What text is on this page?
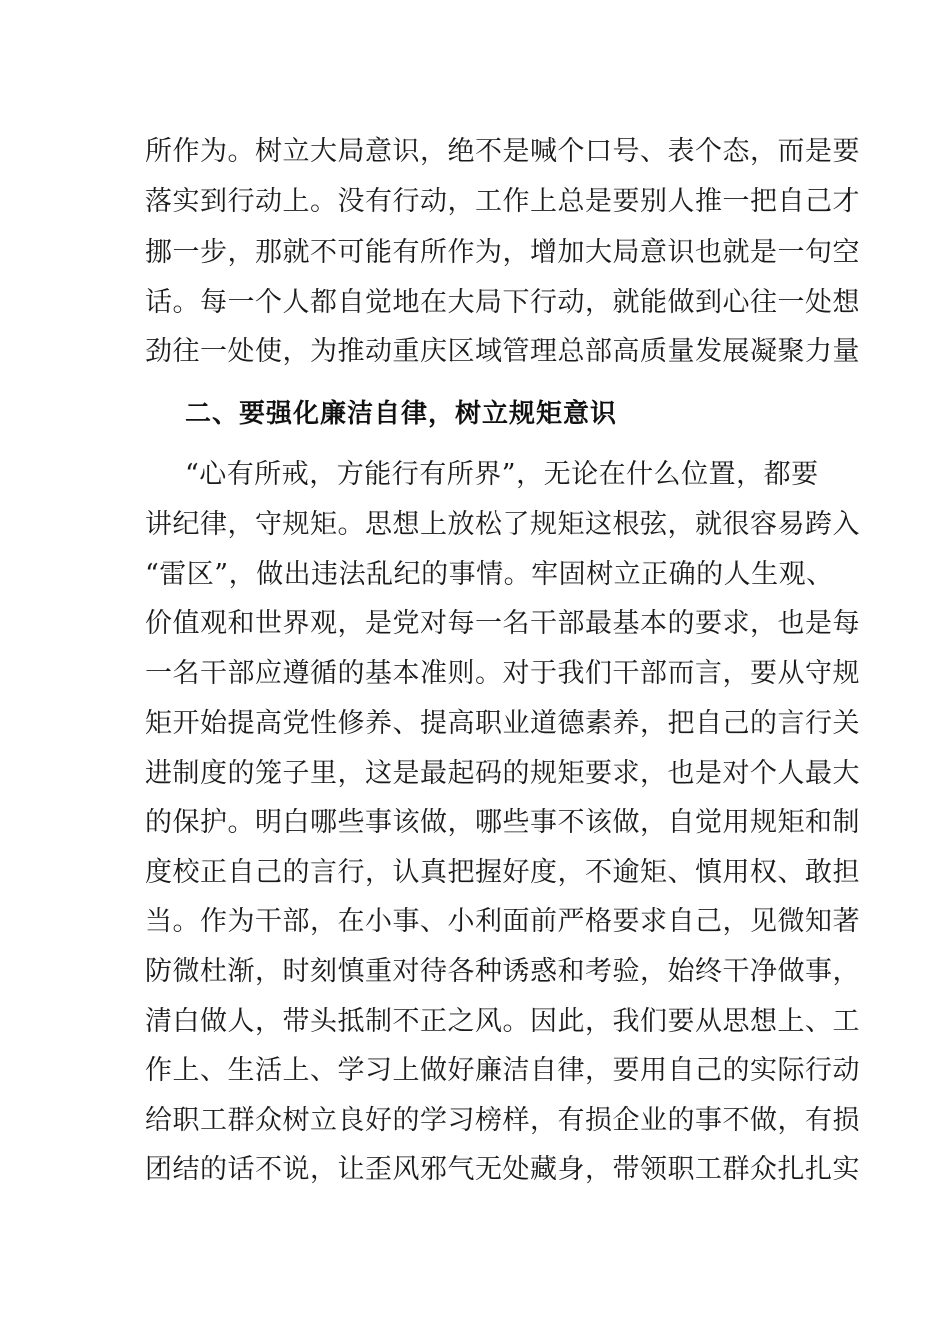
所作为。树立大局意识，绝不是喊个口号、表个态，而是要
落实到行动上。没有行动，工作上总是要别人推一把自己才
挪一步，那就不可能有所作为，增加大局意识也就是一句空
话。每一个人都自觉地在大局下行动，就能做到心往一处想
劲往一处使，为推动重庆区域管理总部高质量发展凝聚力量
二、要强化廉洁自律，树立规矩意识
“心有所戒，方能行有所界”，无论在什么位置，都要
讲纪律，守规矩。思想上放松了规矩这根弦，就很容易跨入
“雷区”，做出违法乱纪的事情。牢固树立正确的人生观、
价值观和世界观，是党对每一名干部最基本的要求，也是每
一名干部应遵循的基本准则。对于我们干部而言，要从守规
矩开始提高党性修养、提高职业道德素养，把自己的言行关
进制度的笼子里，这是最起码的规矩要求，也是对个人最大
的保护。明白哪些事该做，哪些事不该做，自觉用规矩和制
度校正自己的言行，认真把握好度，不逾矩、慎用权、敢担
当。作为干部，在小事、小利面前严格要求自己，见微知著
防微杜渐，时刻慎重对待各种诱惑和考验，始终干净做事，
清白做人，带头抵制不正之风。因此，我们要从思想上、工
作上、生活上、学习上做好廉洁自律，要用自己的实际行动
给职工群众树立良好的学习榜样，有损企业的事不做，有损
团结的话不说，让歪风邪气无处藏身，带领职工群众扎扎实
